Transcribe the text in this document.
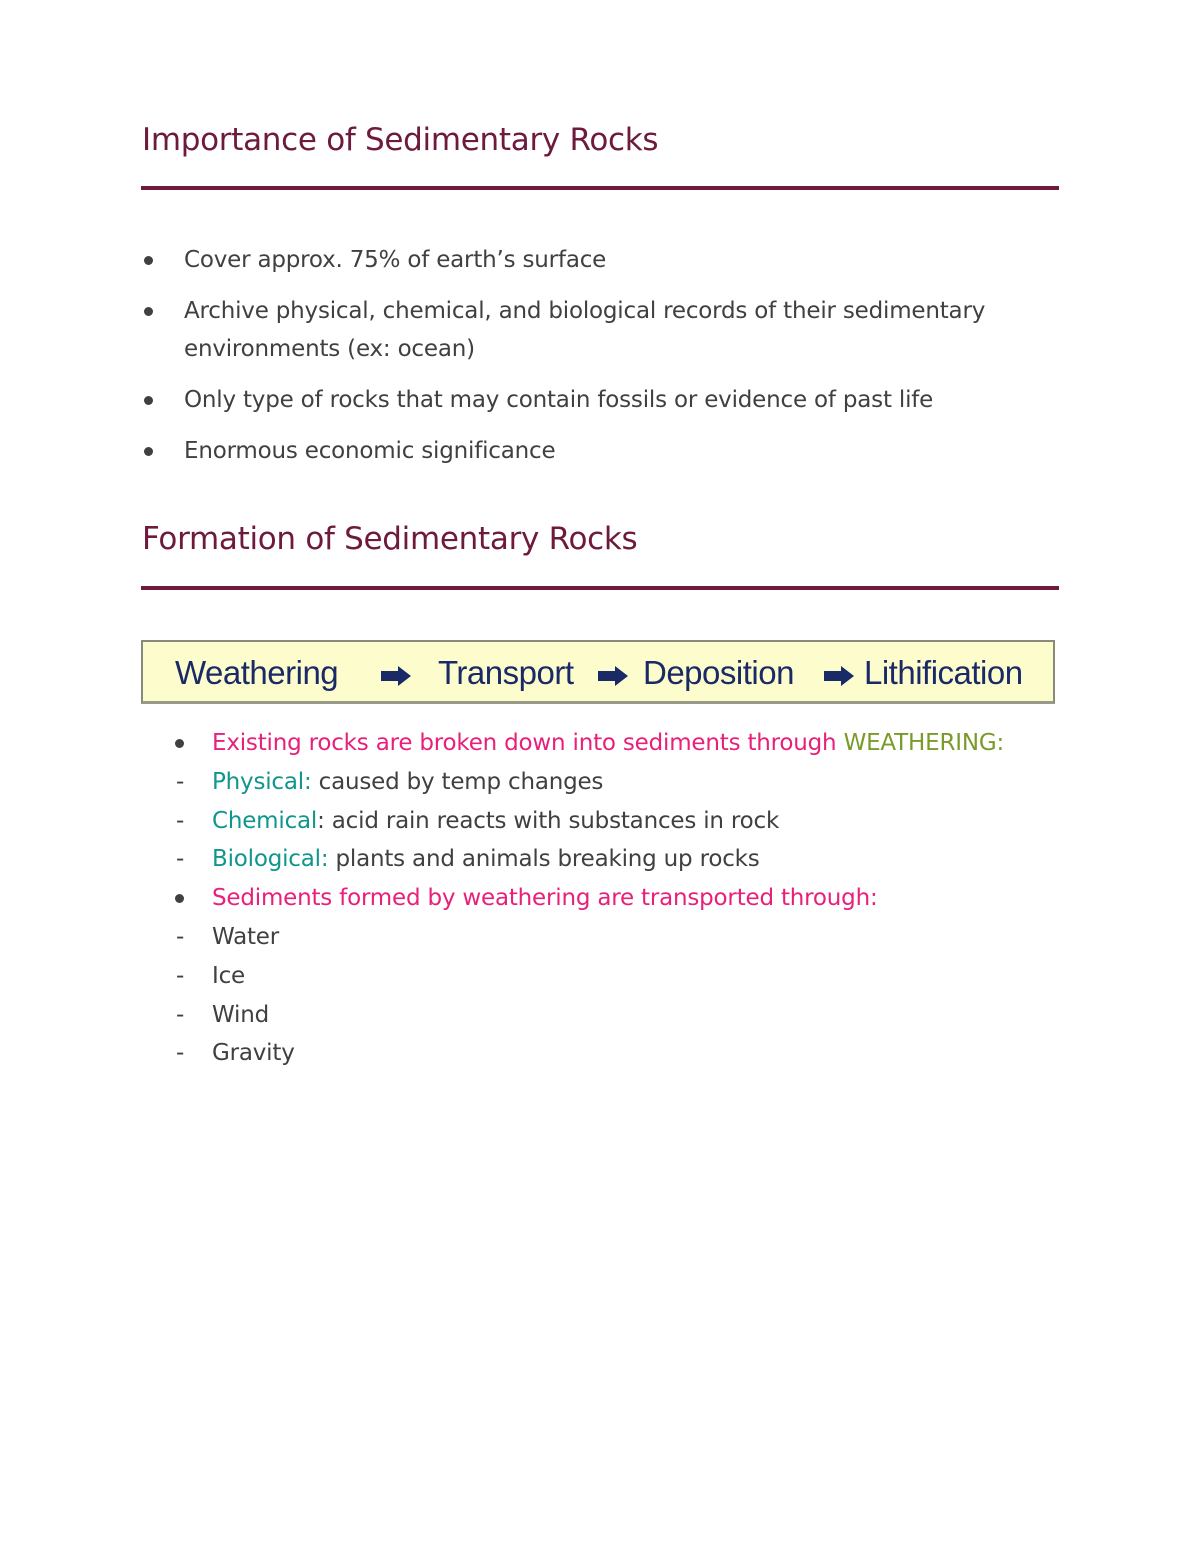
Importance of Sedimentary Rocks
Cover approx. 75% of earth’s surface
Archive physical, chemical, and biological records of their sedimentary
environments (ex: ocean)
Only type of rocks that may contain fossils or evidence of past life
Enormous economic significance
Formation of Sedimentary Rocks
Weathering	Transport Deposition Lithification
Existing rocks are broken down into sediments through WEATHERING:
- Physical: caused by temp changes
- Chemical: acid rain reacts with substances in rock
- Biological: plants and animals breaking up rocks
Sediments formed by weathering are transported through:
- Water
- Ice
- Wind
- Gravity
